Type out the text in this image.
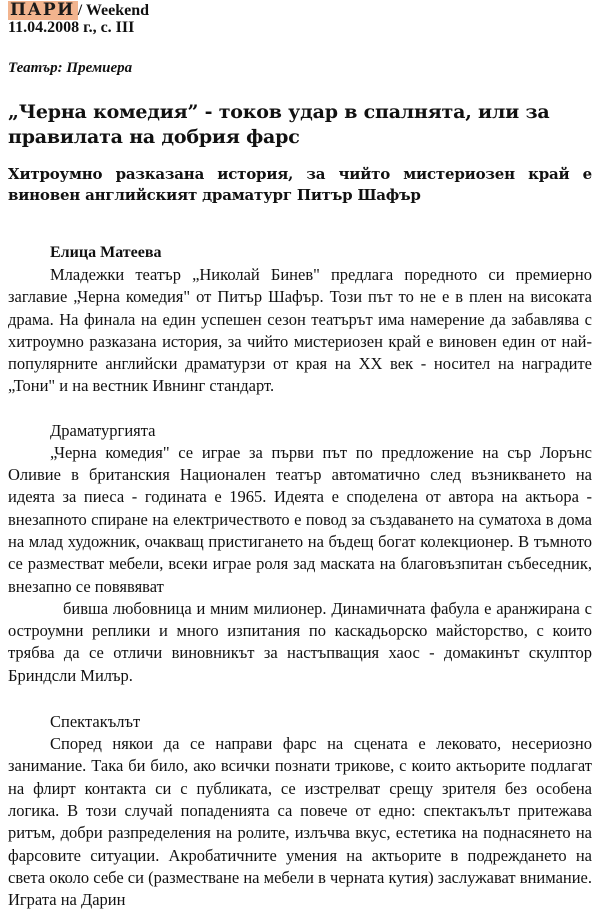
ПАРИ / Weekend
11.04.2008 г., с. III
Театър: Премиера
„Черна комедия” - токов удар в спалнята, или за правилата на добрия фарс
Хитроумно разказана история, за чийто мистериозен край е виновен английският драматург Питър Шафър
Елица Матеева

Младежки театър „Николай Бинев" предлага поредното си премиерно заглавие „Черна комедия" от Питър Шафър. Този път то не е в плен на високата драма. На финала на един успешен сезон театърът има намерение да забавлява с хитроумно разказана история, за чийто мистериозен край е виновен един от най-популярните английски драматурзи от края на XX век - носител на наградите „Тони" и на вестник Ивнинг стандарт.

Драматургията

„Черна комедия" се играе за първи път по предложение на сър Лорънс Оливие в британския Национален театър автоматично след възникването на идеята за пиеса - годината е 1965. Идеята е споделена от автора на актьора - внезапното спиране на електричеството е повод за създаването на суматоха в дома на млад художник, очакващ пристигането на бъдещ богат колекционер. В тъмното се разместват мебели, всеки играе роля зад маската на благовъзпитан събеседник, внезапно се повявяват

бивша любовница и мним милионер. Динамичната фабула е аранжирана с остроумни реплики и много изпитания по каскадьорско майсторство, с които трябва да се отличи виновникът за настъпващия хаос - домакинът скулптор Бриндсли Милър.

Спектакълът

Според някои да се направи фарс на сцената е лековато, несериозно занимание. Така би било, ако всички познати трикове, с които актьорите подлагат на флирт контакта си с публиката, се изстрелват срещу зрителя без особена логика. В този случай попаденията са повече от едно: спектакълът притежава ритъм, добри разпределения на ролите, излъчва вкус, естетика на поднасянето на фарсовите ситуации. Акробатичните умения на актьорите в подреждането на света около себе си (разместване на мебели в черната кутия) заслужават внимание. Играта на Дарин
